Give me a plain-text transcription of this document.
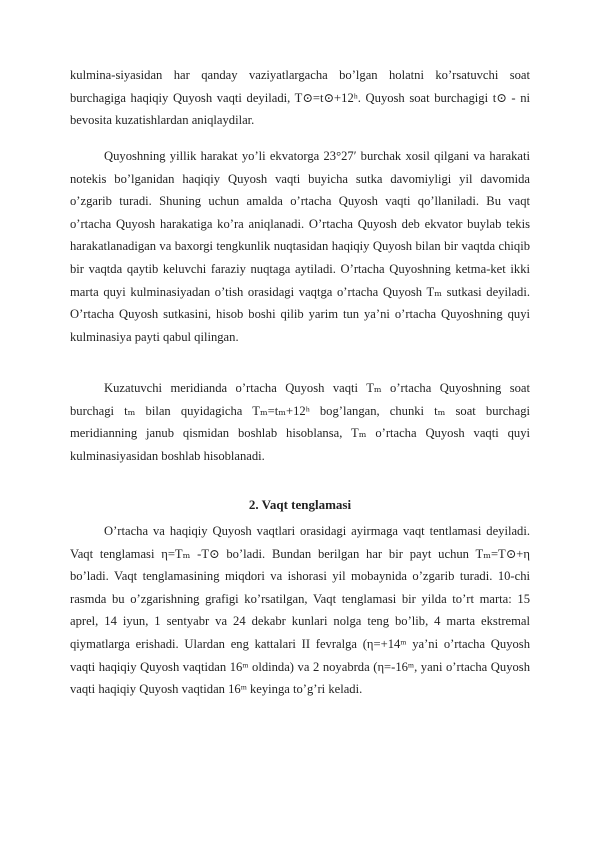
kulmina-siyasidan har qanday vaziyatlargacha bo’lgan holatni ko’rsatuvchi soat burchagiga haqiqiy Quyosh vaqti deyiladi, T⊙=t⊙+12ʰ. Quyosh soat burchagigi t⊙ - ni bevosita kuzatishlardan aniqlaydilar.

Quyoshning yillik harakat yo’li ekvatorga 23°27′ burchak xosil qilgani va harakati notekis bo’lganidan haqiqiy Quyosh vaqti buyicha sutka davomiyligi yil davomida o’zgarib turadi. Shuning uchun amalda o’rtacha Quyosh vaqti qo’llaniladi. Bu vaqt o’rtacha Quyosh harakatiga ko’ra aniqlanadi. O’rtacha Quyosh deb ekvator buylab tekis harakatlanadigan va baxorgi tengkunlik nuqtasidan haqiqiy Quyosh bilan bir vaqtda chiqib bir vaqtda qaytib keluvchi faraziy nuqtaga aytiladi. O’rtacha Quyoshning ketma-ket ikki marta quyi kulminasiyadan o’tish orasidagi vaqtga o’rtacha Quyosh Tₘ sutkasi deyiladi. O’rtacha Quyosh sutkasini, hisob boshi qilib yarim tun ya’ni o’rtacha Quyoshning quyi kulminasiya payti qabul qilingan.

Kuzatuvchi meridianda o’rtacha Quyosh vaqti Tₘ o’rtacha Quyoshning soat burchagi tₘ bilan quyidagicha Tₘ=tₘ+12ʰ bog’langan, chunki tₘ soat burchagi meridianning janub qismidan boshlab hisoblansa, Tₘ o’rtacha Quyosh vaqti quyi kulminasiyasidan boshlab hisoblanadi.

2. Vaqt tenglamasi

O’rtacha va haqiqiy Quyosh vaqtlari orasidagi ayirmaga vaqt tentlamasi deyiladi. Vaqt tenglamasi η=Tₘ -T⊙ bo’ladi. Bundan berilgan har bir payt uchun Tₘ=T⊙+η bo’ladi. Vaqt tenglamasining miqdori va ishorasi yil mobaynida o’zgarib turadi. 10-chi rasmda bu o’zgarishning grafigi ko’rsatilgan, Vaqt tenglamasi bir yilda to’rt marta: 15 aprel, 14 iyun, 1 sentyabr va 24 dekabr kunlari nolga teng bo’lib, 4 marta ekstremal qiymatlarga erishadi. Ulardan eng kattalari II fevralga (η=+14ᵐ ya’ni o’rtacha Quyosh vaqti haqiqiy Quyosh vaqtidan 16ᵐ oldinda) va 2 noyabrda (η=-16ᵐ, yani o’rtacha Quyosh vaqti haqiqiy Quyosh vaqtidan 16ᵐ keyinga to’g’ri keladi.
